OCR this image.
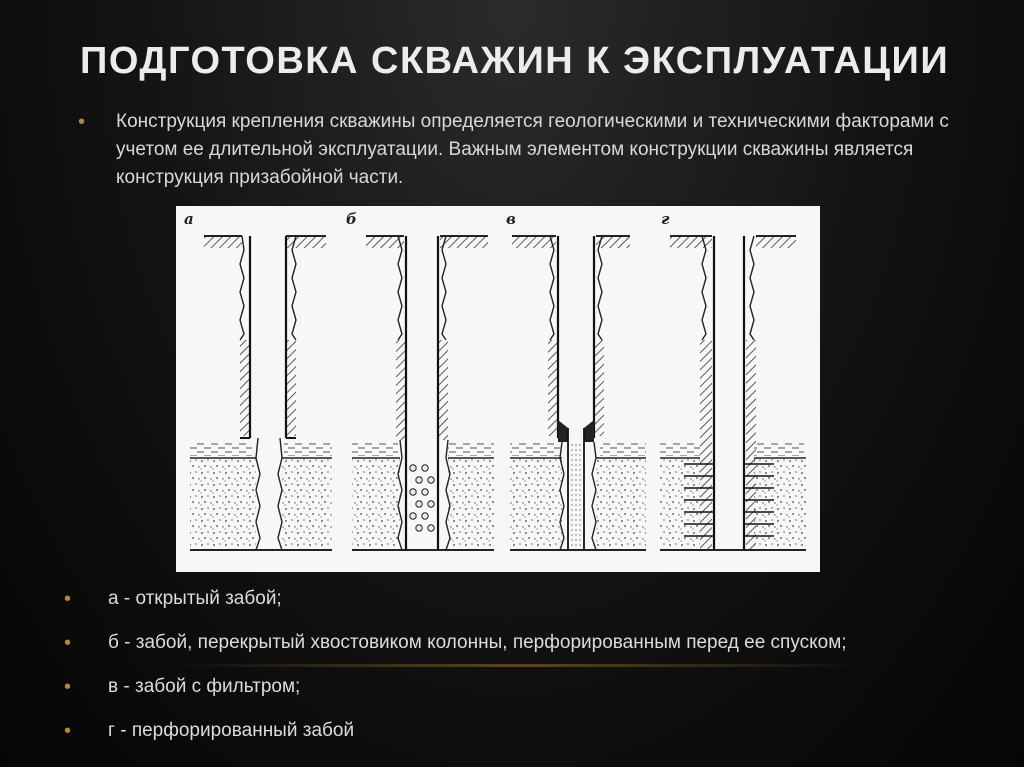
ПОДГОТОВКА СКВАЖИН К ЭКСПЛУАТАЦИИ
•	Конструкция крепления скважины определяется геологическими и техническими факторами с учетом ее длительной эксплуатации. Важным элементом конструкции скважины является конструкция призабойной части.
а	б	в	г
•	а - открытый забой;
•	б - забой, перекрытый хвостовиком колонны, перфорированным перед ее спуском;
•	в - забой с фильтром;
•	г - перфорированный забой
